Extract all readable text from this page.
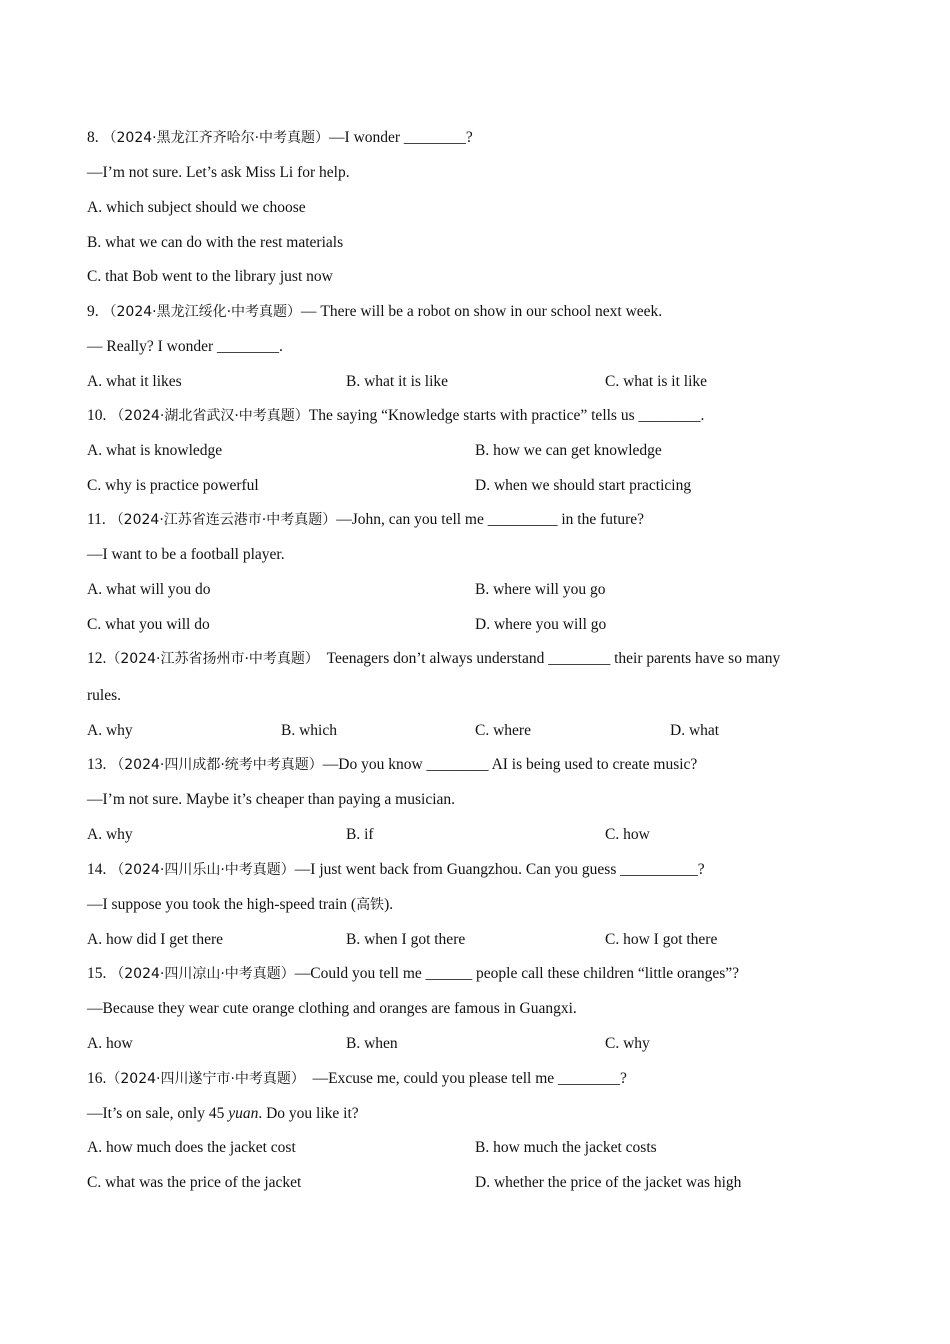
8. （2024·黑龙江齐齐哈尔·中考真题）—I wonder ________?
—I’m not sure. Let’s ask Miss Li for help.
A. which subject should we choose
B. what we can do with the rest materials
C. that Bob went to the library just now
9. （2024·黑龙江绥化·中考真题）— There will be a robot on show in our school next week.
— Really? I wonder ________.
A. what it likes	B. what it is like	C. what is it like
10. （2024·湖北省武汉·中考真题）The saying “Knowledge starts with practice” tells us ________.
A. what is knowledge	B. how we can get knowledge
C. why is practice powerful	D. when we should start practicing
11. （2024·江苏省连云港市·中考真题）—John, can you tell me _________ in the future?
—I want to be a football player.
A. what will you do	B. where will you go
C. what you will do	D. where you will go
12.（2024·江苏省扬州市·中考真题） Teenagers don’t always understand ________ their parents have so many
rules.
A. why	B. which	C. where	D. what
13. （2024·四川成都·统考中考真题）—Do you know ________ AI is being used to create music?
—I’m not sure. Maybe it’s cheaper than paying a musician.
A. why	B. if	C. how
14. （2024·四川乐山·中考真题）—I just went back from Guangzhou. Can you guess __________?
—I suppose you took the high-speed train (高铁).
A. how did I get there	B. when I got there	C. how I got there
15. （2024·四川凉山·中考真题）—Could you tell me ______ people call these children “little oranges”?
—Because they wear cute orange clothing and oranges are famous in Guangxi.
A. how	B. when	C. why
16.（2024·四川遂宁市·中考真题） —Excuse me, could you please tell me ________?
—It’s on sale, only 45 yuan. Do you like it?
A. how much does the jacket cost	B. how much the jacket costs
C. what was the price of the jacket	D. whether the price of the jacket was high
